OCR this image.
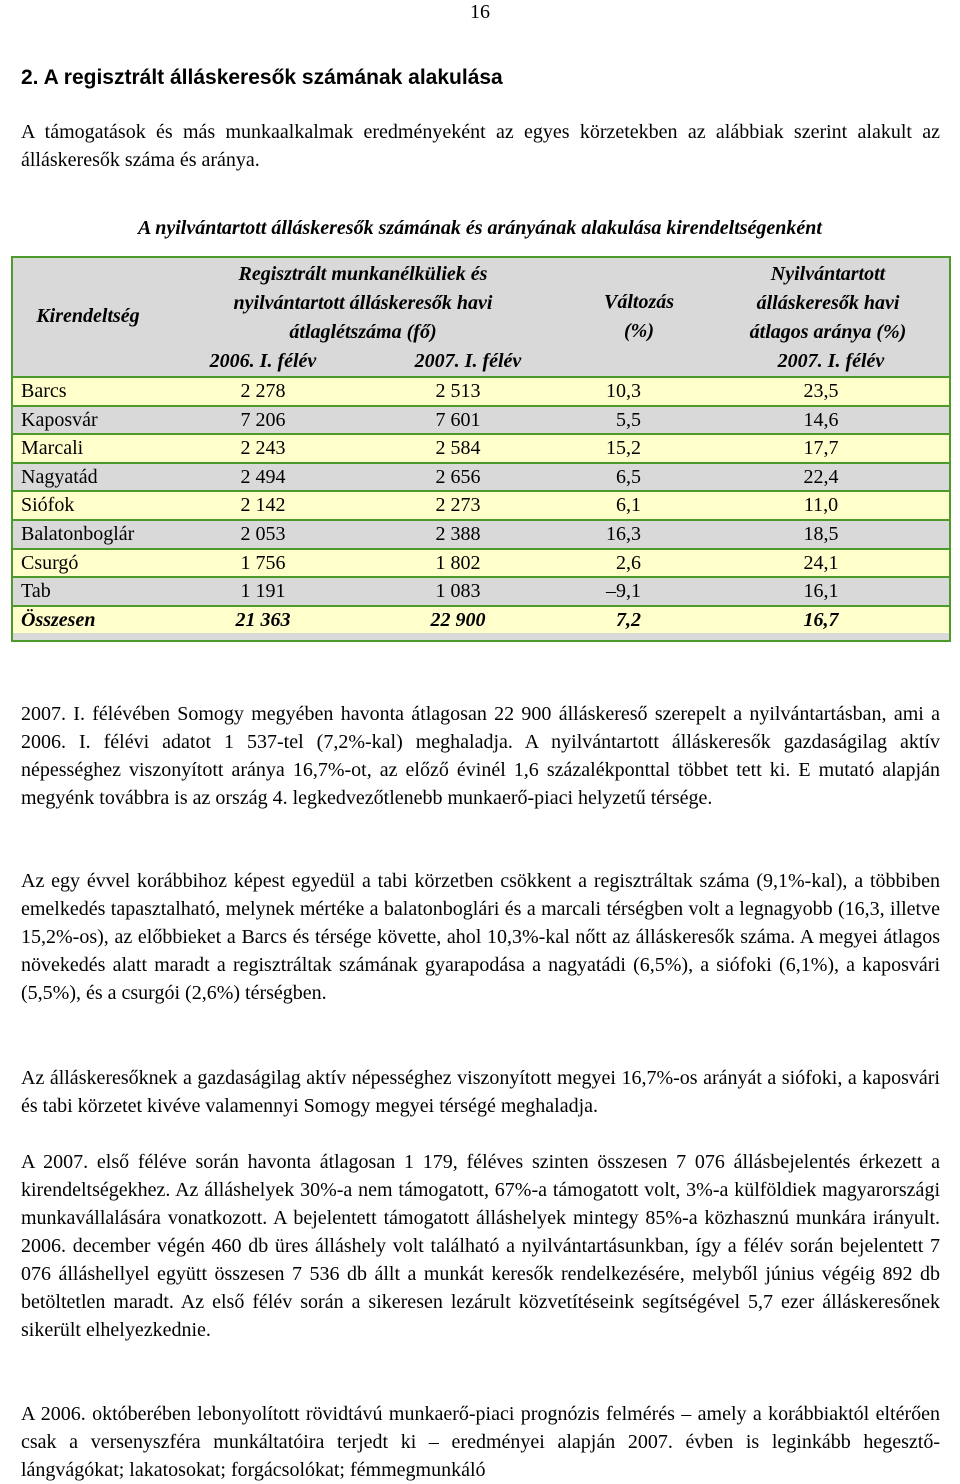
16
2. A regisztrált álláskeresők számának alakulása

A támogatások és más munkaalkalmak eredményeként az egyes körzetekben az alábbiak szerint alakult az álláskeresők száma és aránya.

A nyilvántartott álláskeresők számának és arányának alakulása kirendeltségenként
Kirendeltség
Regisztrált munkanélküliek és
nyilvántartott álláskeresők havi
átlaglétszáma (fő)
2006. I. félév	2007. I. félév
Változás
(%)
Nyilvántartott
álláskeresők havi
átlagos aránya (%)
2007. I. félév
Barcs	2 278	2 513	10,3	23,5
Kaposvár	7 206	7 601	5,5	14,6
Marcali	2 243	2 584	15,2	17,7
Nagyatád	2 494	2 656	6,5	22,4
Siófok	2 142	2 273	6,1	11,0
Balatonboglár	2 053	2 388	16,3	18,5
Csurgó	1 756	1 802	2,6	24,1
Tab	1 191	1 083	–9,1	16,1
Összesen	21 363	22 900	7,2	16,7

2007. I. félévében Somogy megyében havonta átlagosan 22 900 álláskereső szerepelt a nyilvántartásban, ami a 2006. I. félévi adatot 1 537-tel (7,2%-kal) meghaladja. A nyilvántartott álláskeresők gazdaságilag aktív népességhez viszonyított aránya 16,7%-ot, az előző évinél 1,6 százalékponttal többet tett ki. E mutató alapján megyénk továbbra is az ország 4. legkedvezőtlenebb munkaerő-piaci helyzetű térsége.

Az egy évvel korábbihoz képest egyedül a tabi körzetben csökkent a regisztráltak száma (9,1%-kal), a többiben emelkedés tapasztalható, melynek mértéke a balatonboglári és a marcali térségben volt a legnagyobb (16,3, illetve 15,2%-os), az előbbieket a Barcs és térsége követte, ahol 10,3%-kal nőtt az álláskeresők száma. A megyei átlagos növekedés alatt maradt a regisztráltak számának gyarapodása a nagyatádi (6,5%), a siófoki (6,1%), a kaposvári (5,5%), és a csurgói (2,6%) térségben.

Az álláskeresőknek a gazdaságilag aktív népességhez viszonyított megyei 16,7%-os arányát a siófoki, a kaposvári és tabi körzetet kivéve valamennyi Somogy megyei térségé meghaladja.

A 2007. első féléve során havonta átlagosan 1 179, féléves szinten összesen 7 076 állásbejelentés érkezett a kirendeltségekhez. Az álláshelyek 30%-a nem támogatott, 67%-a támogatott volt, 3%-a külföldiek magyarországi munkavállalására vonatkozott. A bejelentett támogatott álláshelyek mintegy 85%-a közhasznú munkára irányult. 2006. december végén 460 db üres álláshely volt található a nyilvántartásunkban, így a félév során bejelentett 7 076 álláshellyel együtt összesen 7 536 db állt a munkát keresők rendelkezésére, melyből június végéig 892 db betöltetlen maradt. Az első félév során a sikeresen lezárult közvetítéseink segítségével 5,7 ezer álláskeresőnek sikerült elhelyezkednie.

A 2006. októberében lebonyolított rövidtávú munkaerő-piaci prognózis felmérés – amely a korábbiaktól eltérően csak a versenyszféra munkáltatóira terjedt ki – eredményei alapján 2007. évben is leginkább hegesztő-lángvágókat; lakatosokat; forgácsolókat; fémmegmunkáló
